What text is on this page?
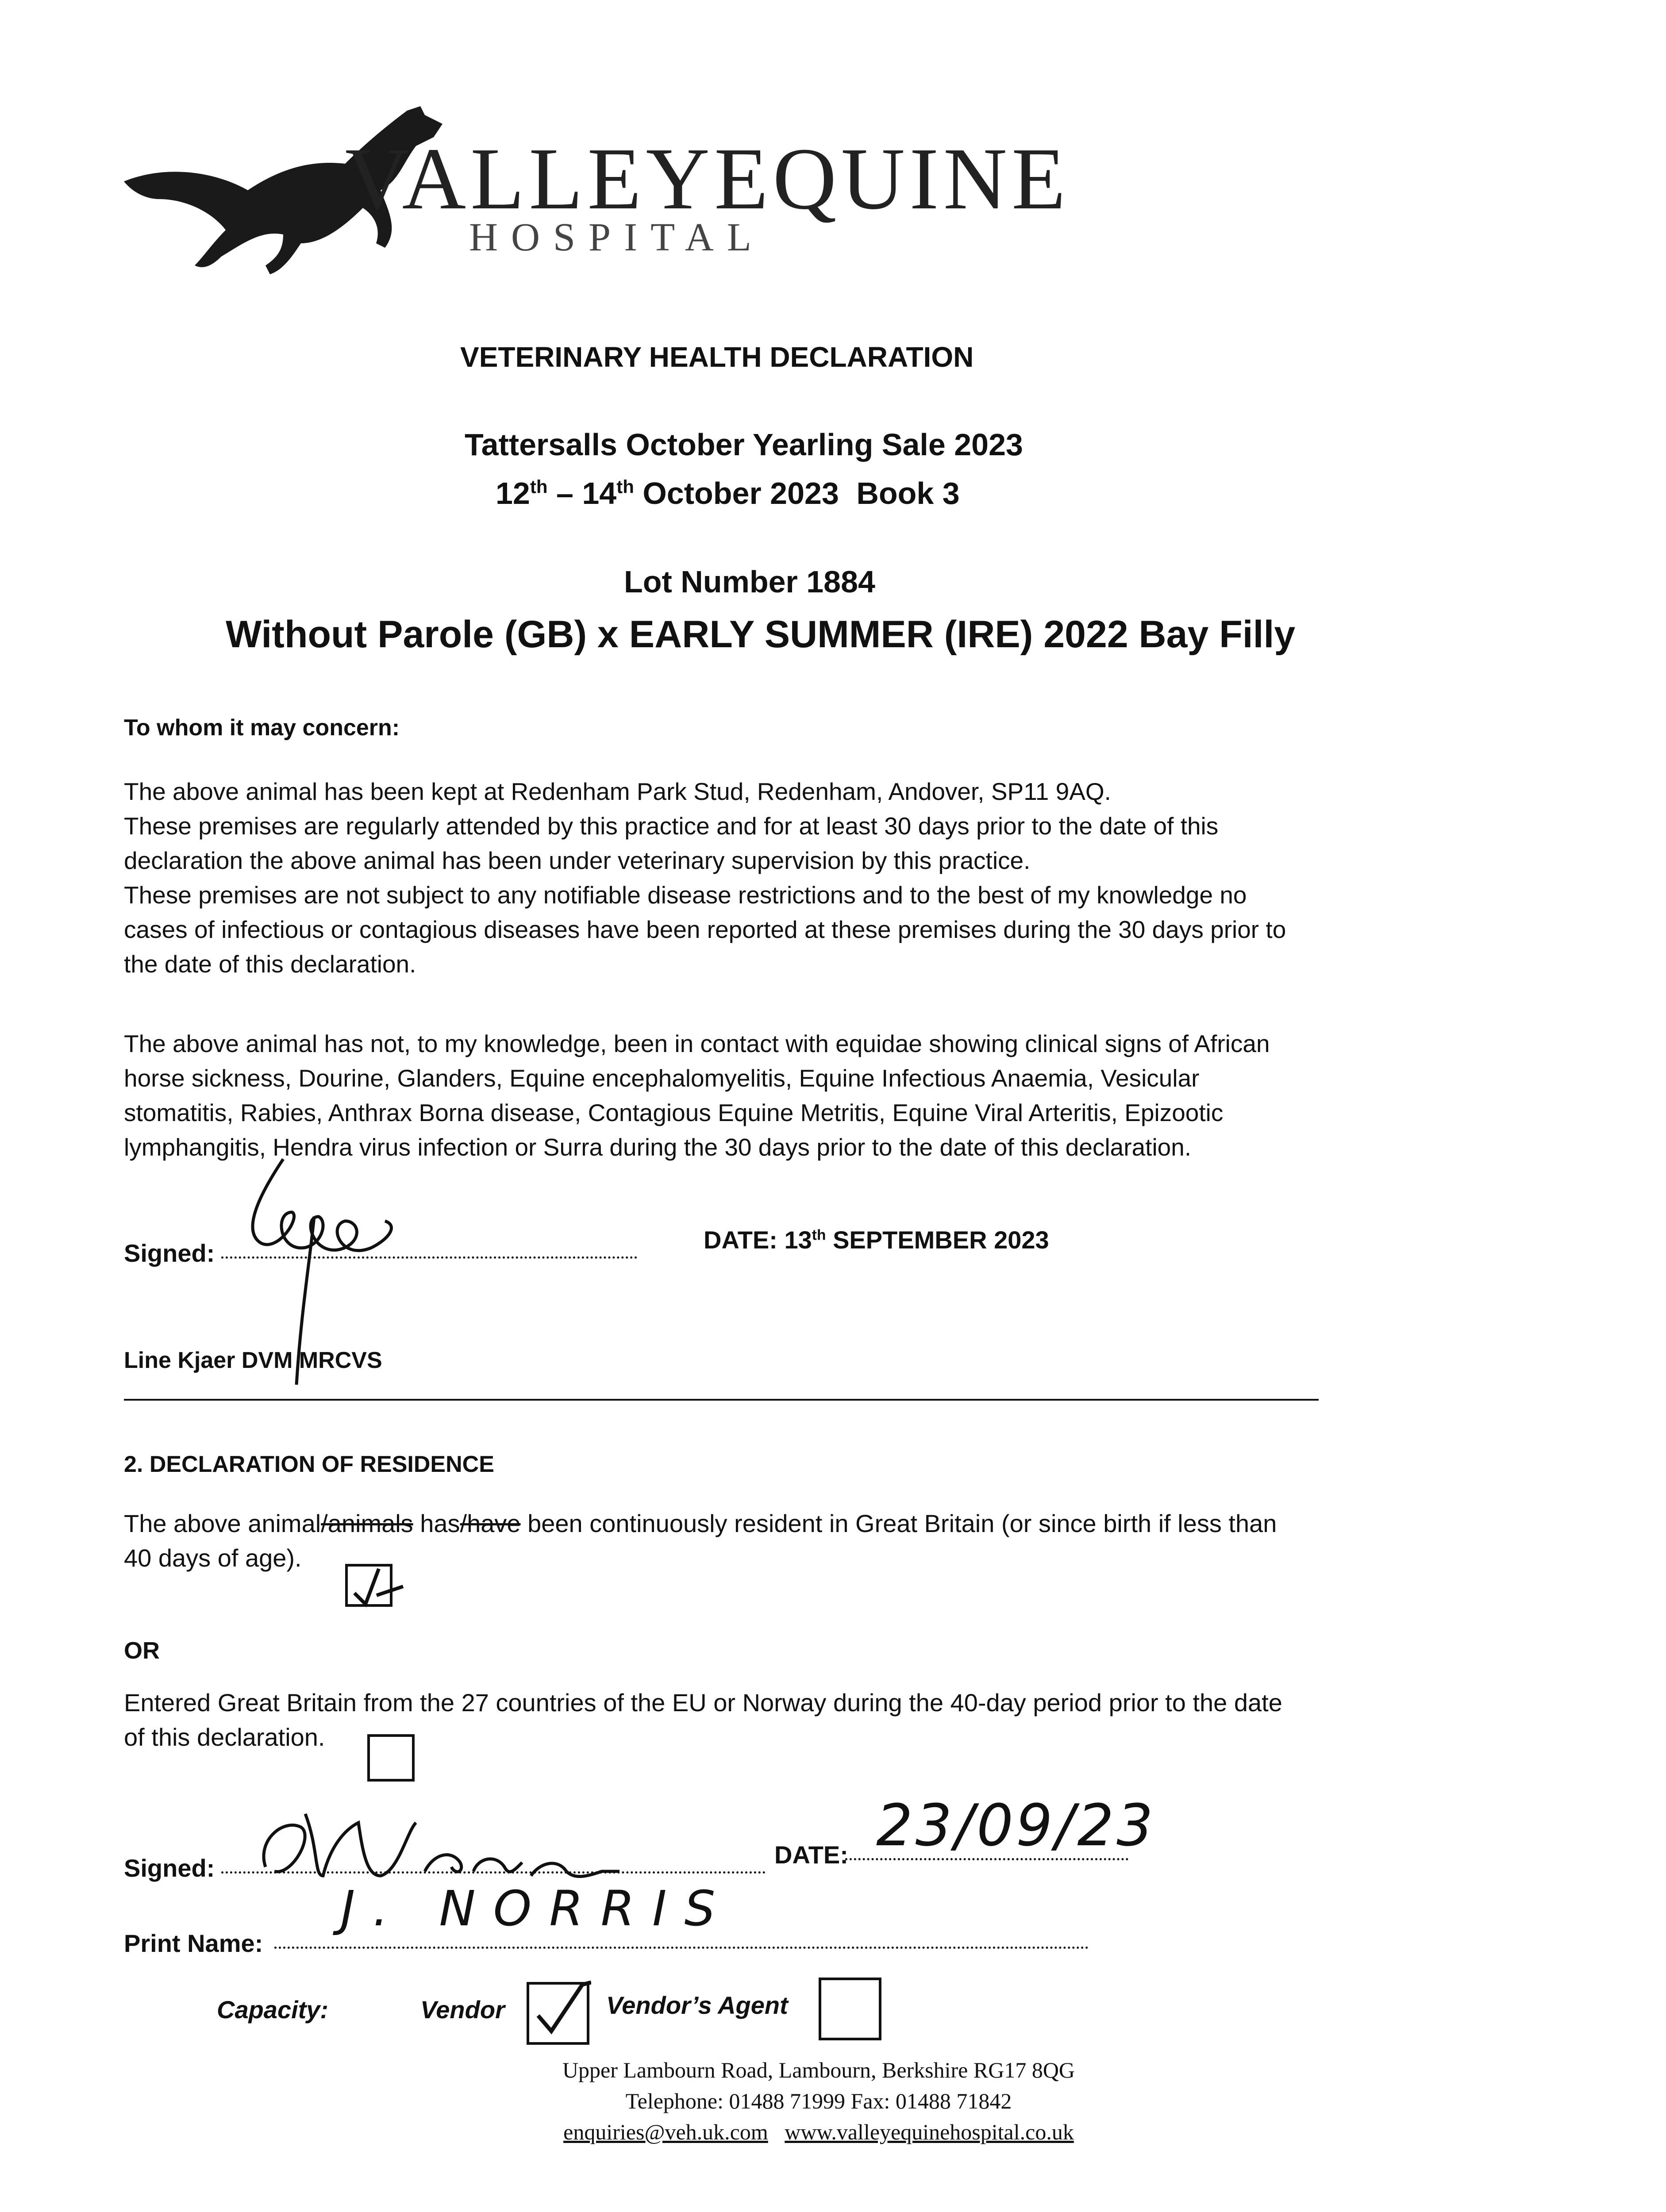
VALLEYEQUINE
HOSPITAL
VETERINARY HEALTH DECLARATION
Tattersalls October Yearling Sale 2023
12th – 14th October 2023 Book 3
Lot Number 1884
Without Parole (GB) x EARLY SUMMER (IRE) 2022 Bay Filly
To whom it may concern:

The above animal has been kept at Redenham Park Stud, Redenham, Andover, SP11 9AQ.

These premises are regularly attended by this practice and for at least 30 days prior to the date of this

declaration the above animal has been under veterinary supervision by this practice.

These premises are not subject to any notifiable disease restrictions and to the best of my knowledge no

cases of infectious or contagious diseases have been reported at these premises during the 30 days prior to

the date of this declaration.

The above animal has not, to my knowledge, been in contact with equidae showing clinical signs of African

horse sickness, Dourine, Glanders, Equine encephalomyelitis, Equine Infectious Anaemia, Vesicular

stomatitis, Rabies, Anthrax Borna disease, Contagious Equine Metritis, Equine Viral Arteritis, Epizootic

lymphangitis, Hendra virus infection or Surra during the 30 days prior to the date of this declaration.

Signed:	DATE: 13th SEPTEMBER 2023
Line Kjaer DVM MRCVS
2. DECLARATION OF RESIDENCE

The above animal/animals has/have been continuously resident in Great Britain (or since birth if less than

40 days of age).

OR

Entered Great Britain from the 27 countries of the EU or Norway during the 40-day period prior to the date

of this declaration.

Signed:	DATE: 23/09/23
Print Name:
J. NORRIS
Capacity:	Vendor	Vendor’s Agent
Upper Lambourn Road, Lambourn, Berkshire RG17 8QG
Telephone: 01488 71999 Fax: 01488 71842
enquiries@veh.uk.com www.valleyequinehospital.co.uk
